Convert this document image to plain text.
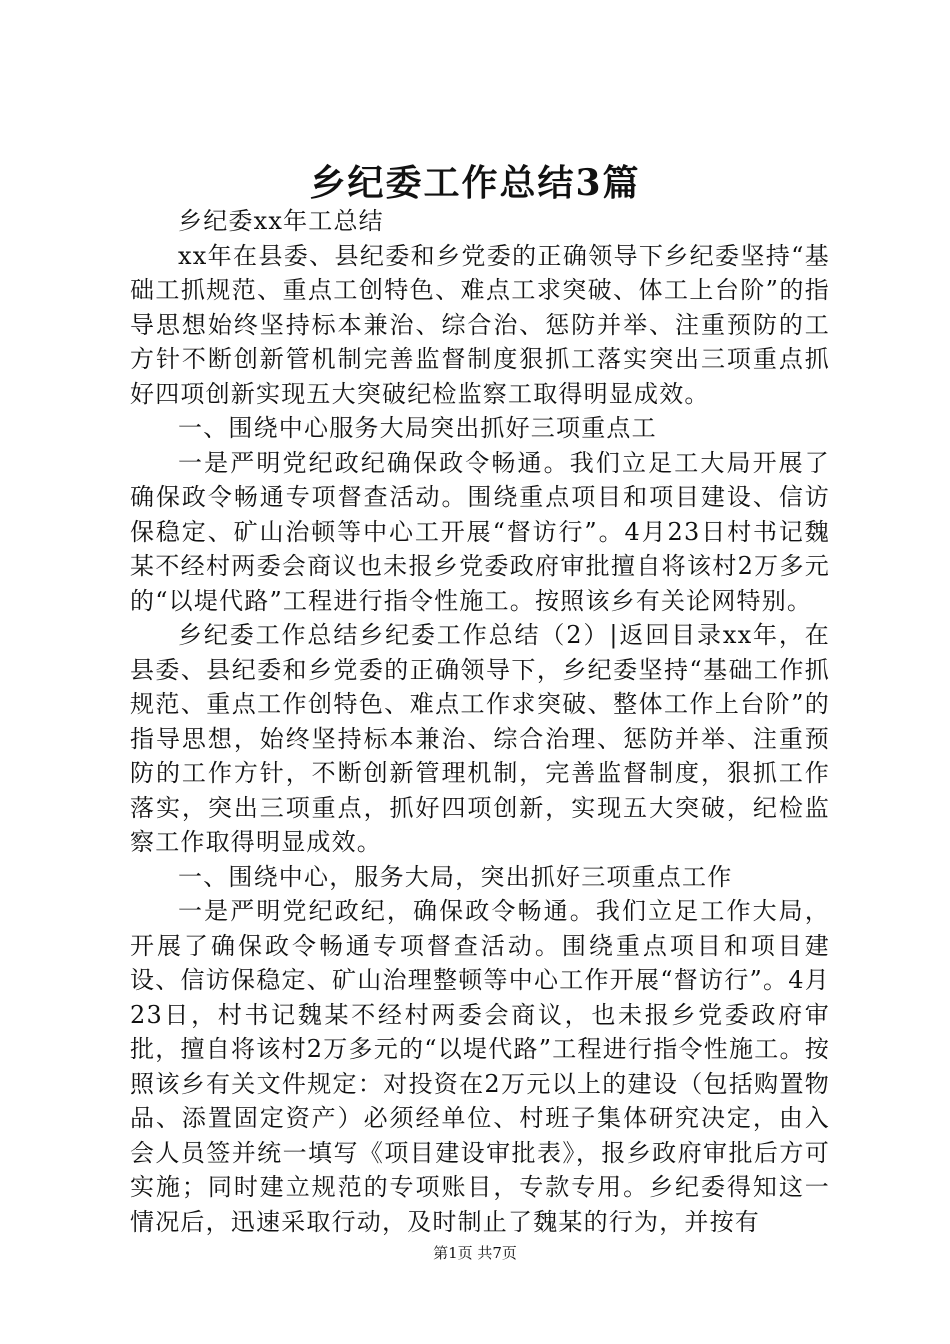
乡纪委工作总结3篇

乡纪委xx年工总结

xx年在县委、县纪委和乡党委的正确领导下乡纪委坚持“基础工抓规范、重点工创特色、难点工求突破、体工上台阶”的指导思想始终坚持标本兼治、综合治、惩防并举、注重预防的工方针不断创新管机制完善监督制度狠抓工落实突出三项重点抓好四项创新实现五大突破纪检监察工取得明显成效。

一、围绕中心服务大局突出抓好三项重点工

一是严明党纪政纪确保政令畅通。我们立足工大局开展了确保政令畅通专项督查活动。围绕重点项目和项目建设、信访保稳定、矿山治顿等中心工开展“督访行”。4月23日村书记魏某不经村两委会商议也未报乡党委政府审批擅自将该村2万多元的“以堤代路”工程进行指令性施工。按照该乡有关论网特别。

乡纪委工作总结乡纪委工作总结（2）|返回目录xx年，在县委、县纪委和乡党委的正确领导下，乡纪委坚持“基础工作抓规范、重点工作创特色、难点工作求突破、整体工作上台阶”的指导思想，始终坚持标本兼治、综合治理、惩防并举、注重预防的工作方针，不断创新管理机制，完善监督制度，狠抓工作落实，突出三项重点，抓好四项创新，实现五大突破，纪检监察工作取得明显成效。

一、围绕中心，服务大局，突出抓好三项重点工作

一是严明党纪政纪，确保政令畅通。我们立足工作大局，开展了确保政令畅通专项督查活动。围绕重点项目和项目建设、信访保稳定、矿山治理整顿等中心工作开展“督访行”。4月23日，村书记魏某不经村两委会商议，也未报乡党委政府审批，擅自将该村2万多元的“以堤代路”工程进行指令性施工。按照该乡有关文件规定：对投资在2万元以上的建设（包括购置物品、添置固定资产）必须经单位、村班子集体研究决定，由入会人员签并统一填写《项目建设审批表》，报乡政府审批后方可实施；同时建立规范的专项账目，专款专用。乡纪委得知这一情况后，迅速采取行动，及时制止了魏某的行为，并按有

第1页 共7页
